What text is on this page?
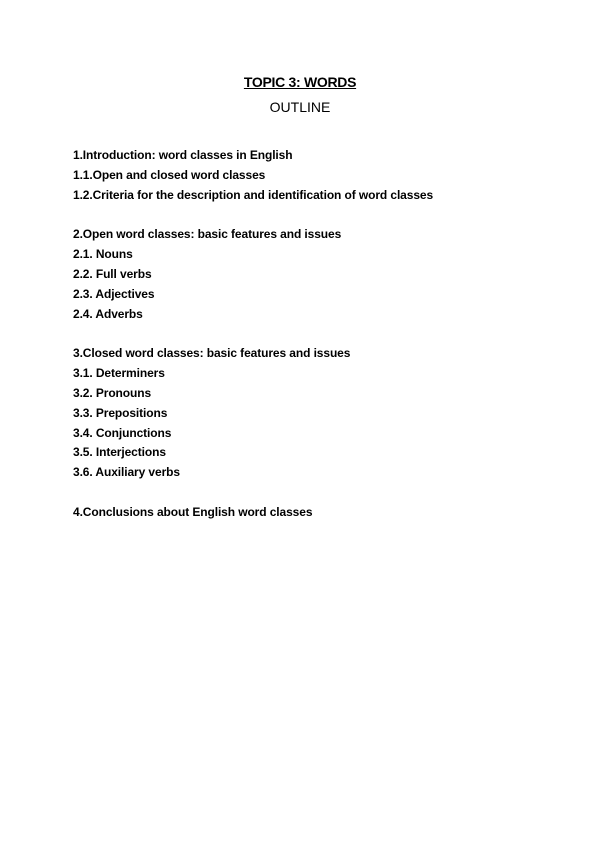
TOPIC 3: WORDS
OUTLINE
1.Introduction: word classes in English
1.1.Open and closed word classes
1.2.Criteria for the description and identification of word classes
2.Open word classes: basic features and issues
2.1. Nouns
2.2. Full verbs
2.3. Adjectives
2.4. Adverbs
3.Closed word classes: basic features and issues
3.1. Determiners
3.2. Pronouns
3.3. Prepositions
3.4. Conjunctions
3.5. Interjections
3.6. Auxiliary verbs
4.Conclusions about English word classes
